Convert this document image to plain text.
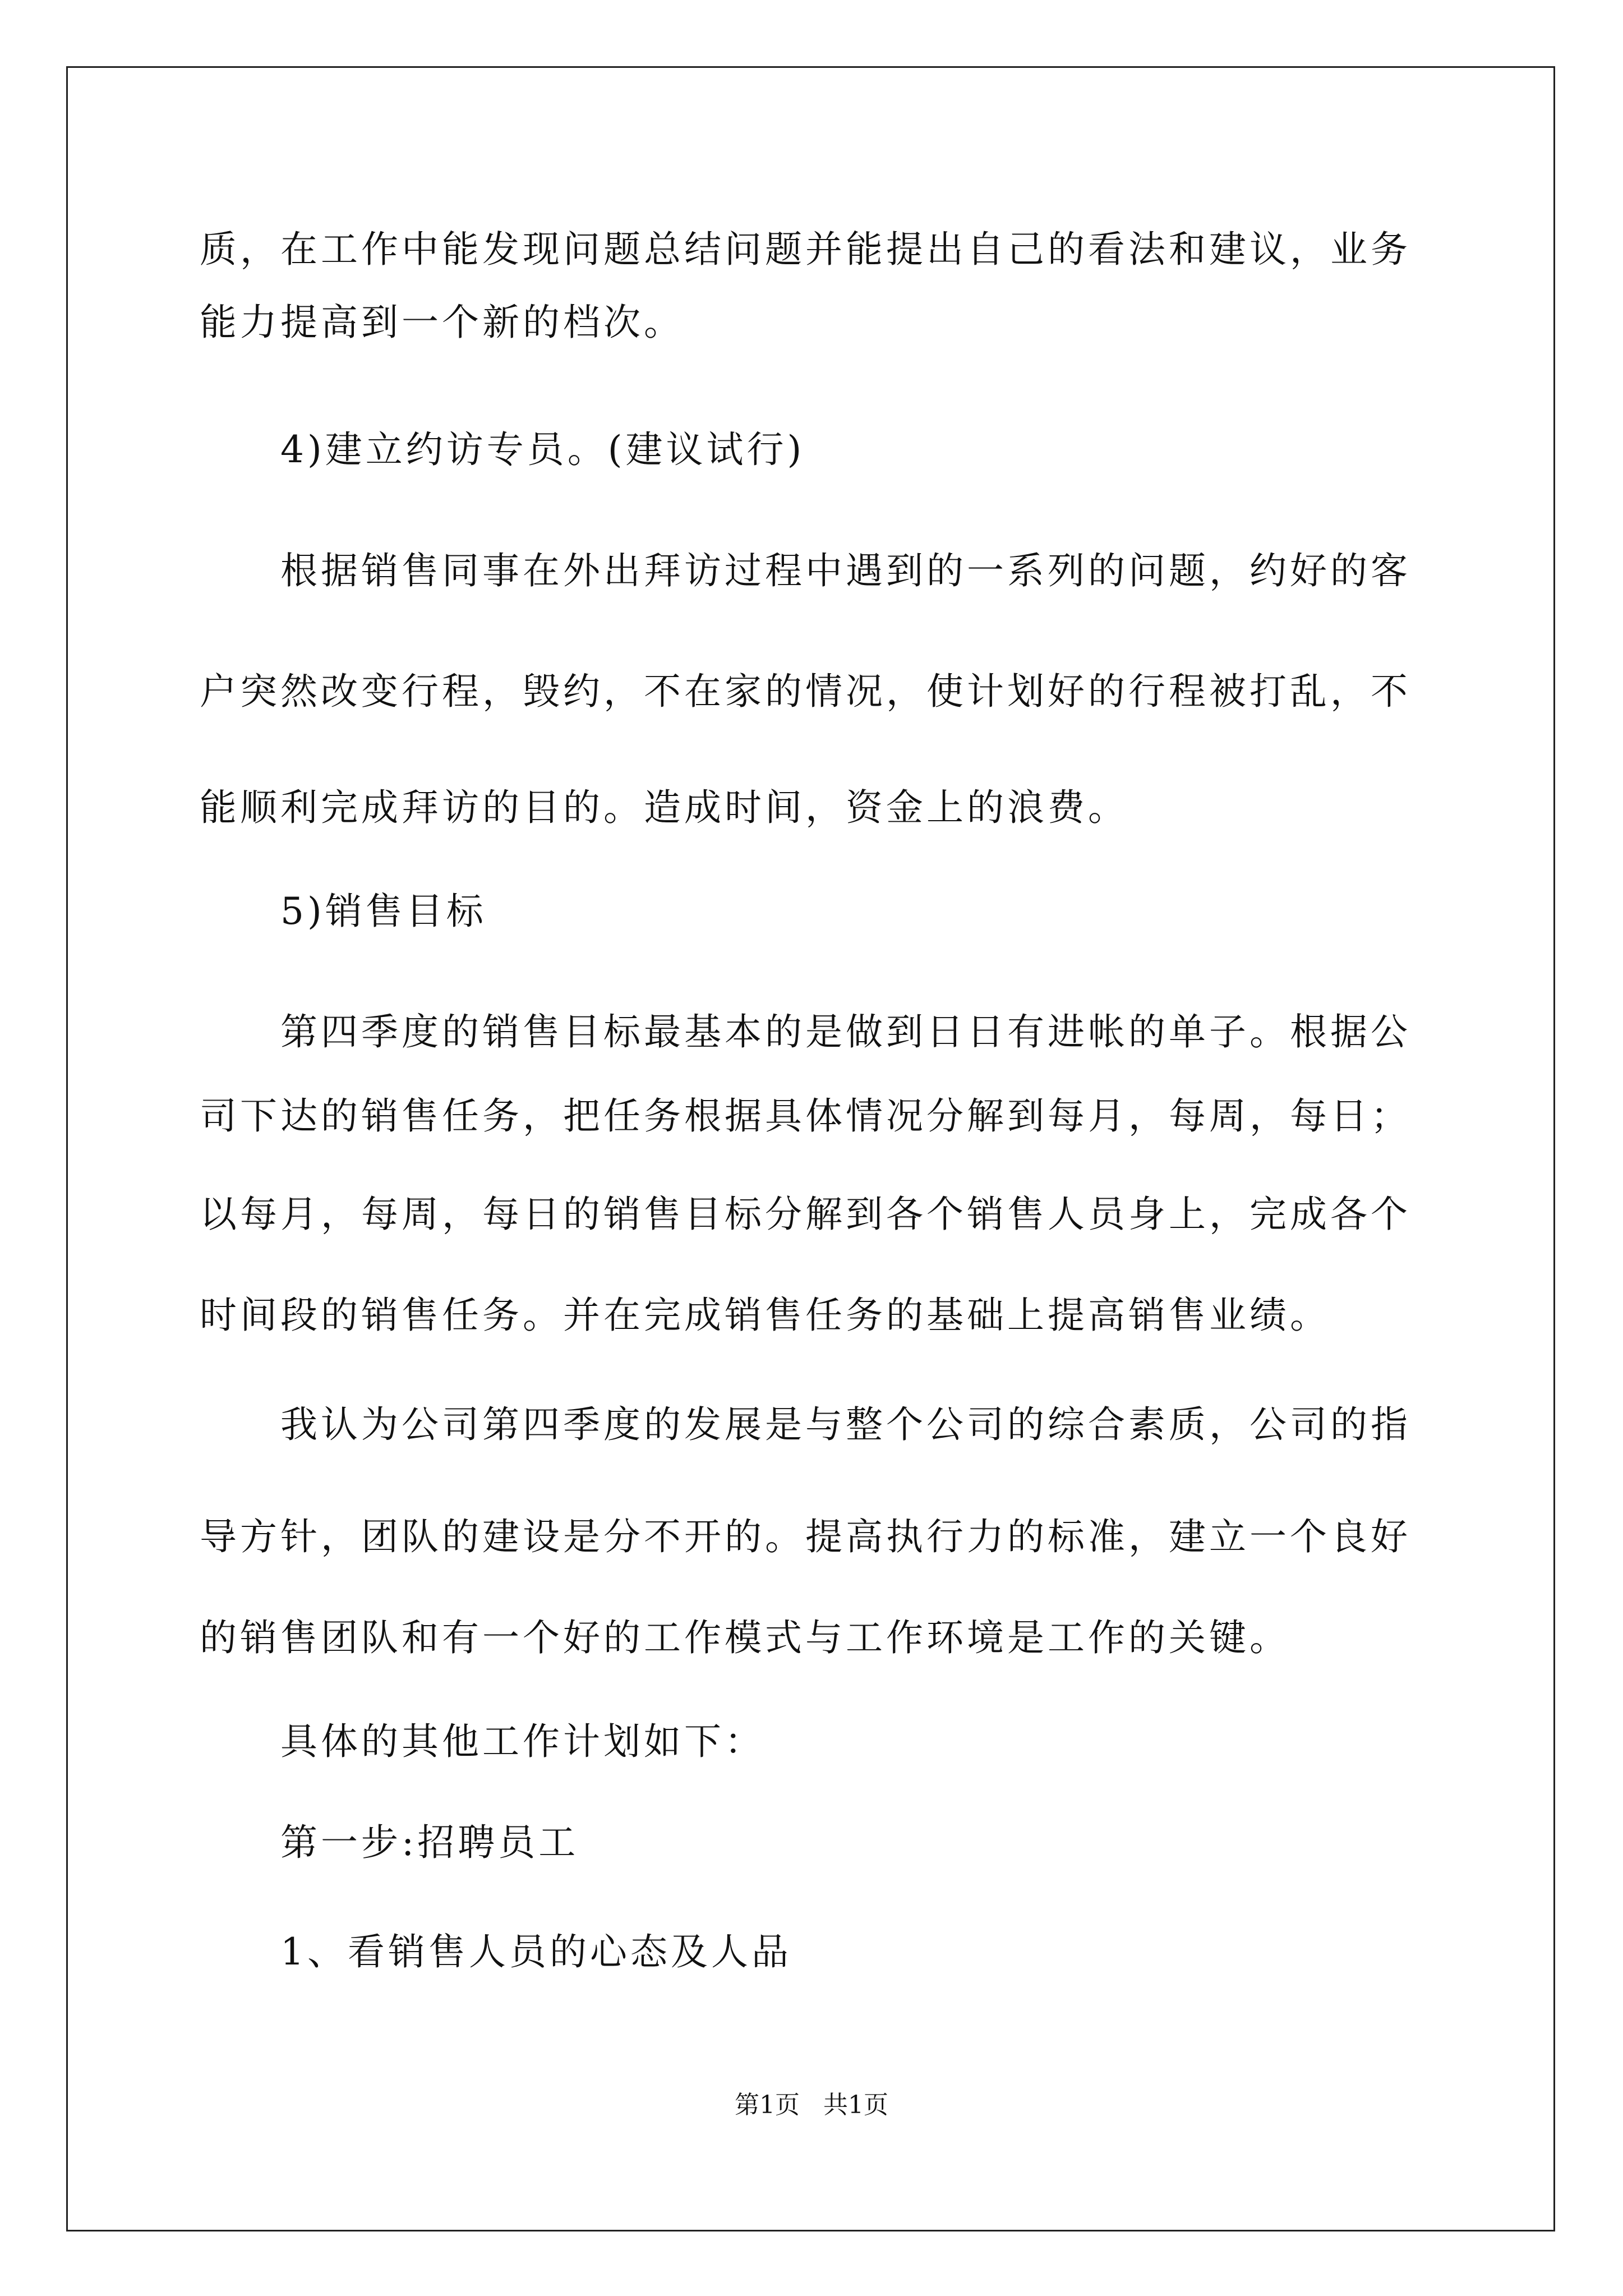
质，在工作中能发现问题总结问题并能提出自己的看法和建议，业务
能力提高到一个新的档次。
4)建立约访专员。(建议试行)
根据销售同事在外出拜访过程中遇到的一系列的问题，约好的客
户突然改变行程，毁约，不在家的情况，使计划好的行程被打乱，不
能顺利完成拜访的目的。造成时间，资金上的浪费。
5)销售目标
第四季度的销售目标最基本的是做到日日有进帐的单子。根据公
司下达的销售任务，把任务根据具体情况分解到每月，每周，每日；
以每月，每周，每日的销售目标分解到各个销售人员身上，完成各个
时间段的销售任务。并在完成销售任务的基础上提高销售业绩。
我认为公司第四季度的发展是与整个公司的综合素质，公司的指
导方针，团队的建设是分不开的。提高执行力的标准，建立一个良好
的销售团队和有一个好的工作模式与工作环境是工作的关键。
具体的其他工作计划如下：
第一步:招聘员工
1、看销售人员的心态及人品
第1页   共1页
